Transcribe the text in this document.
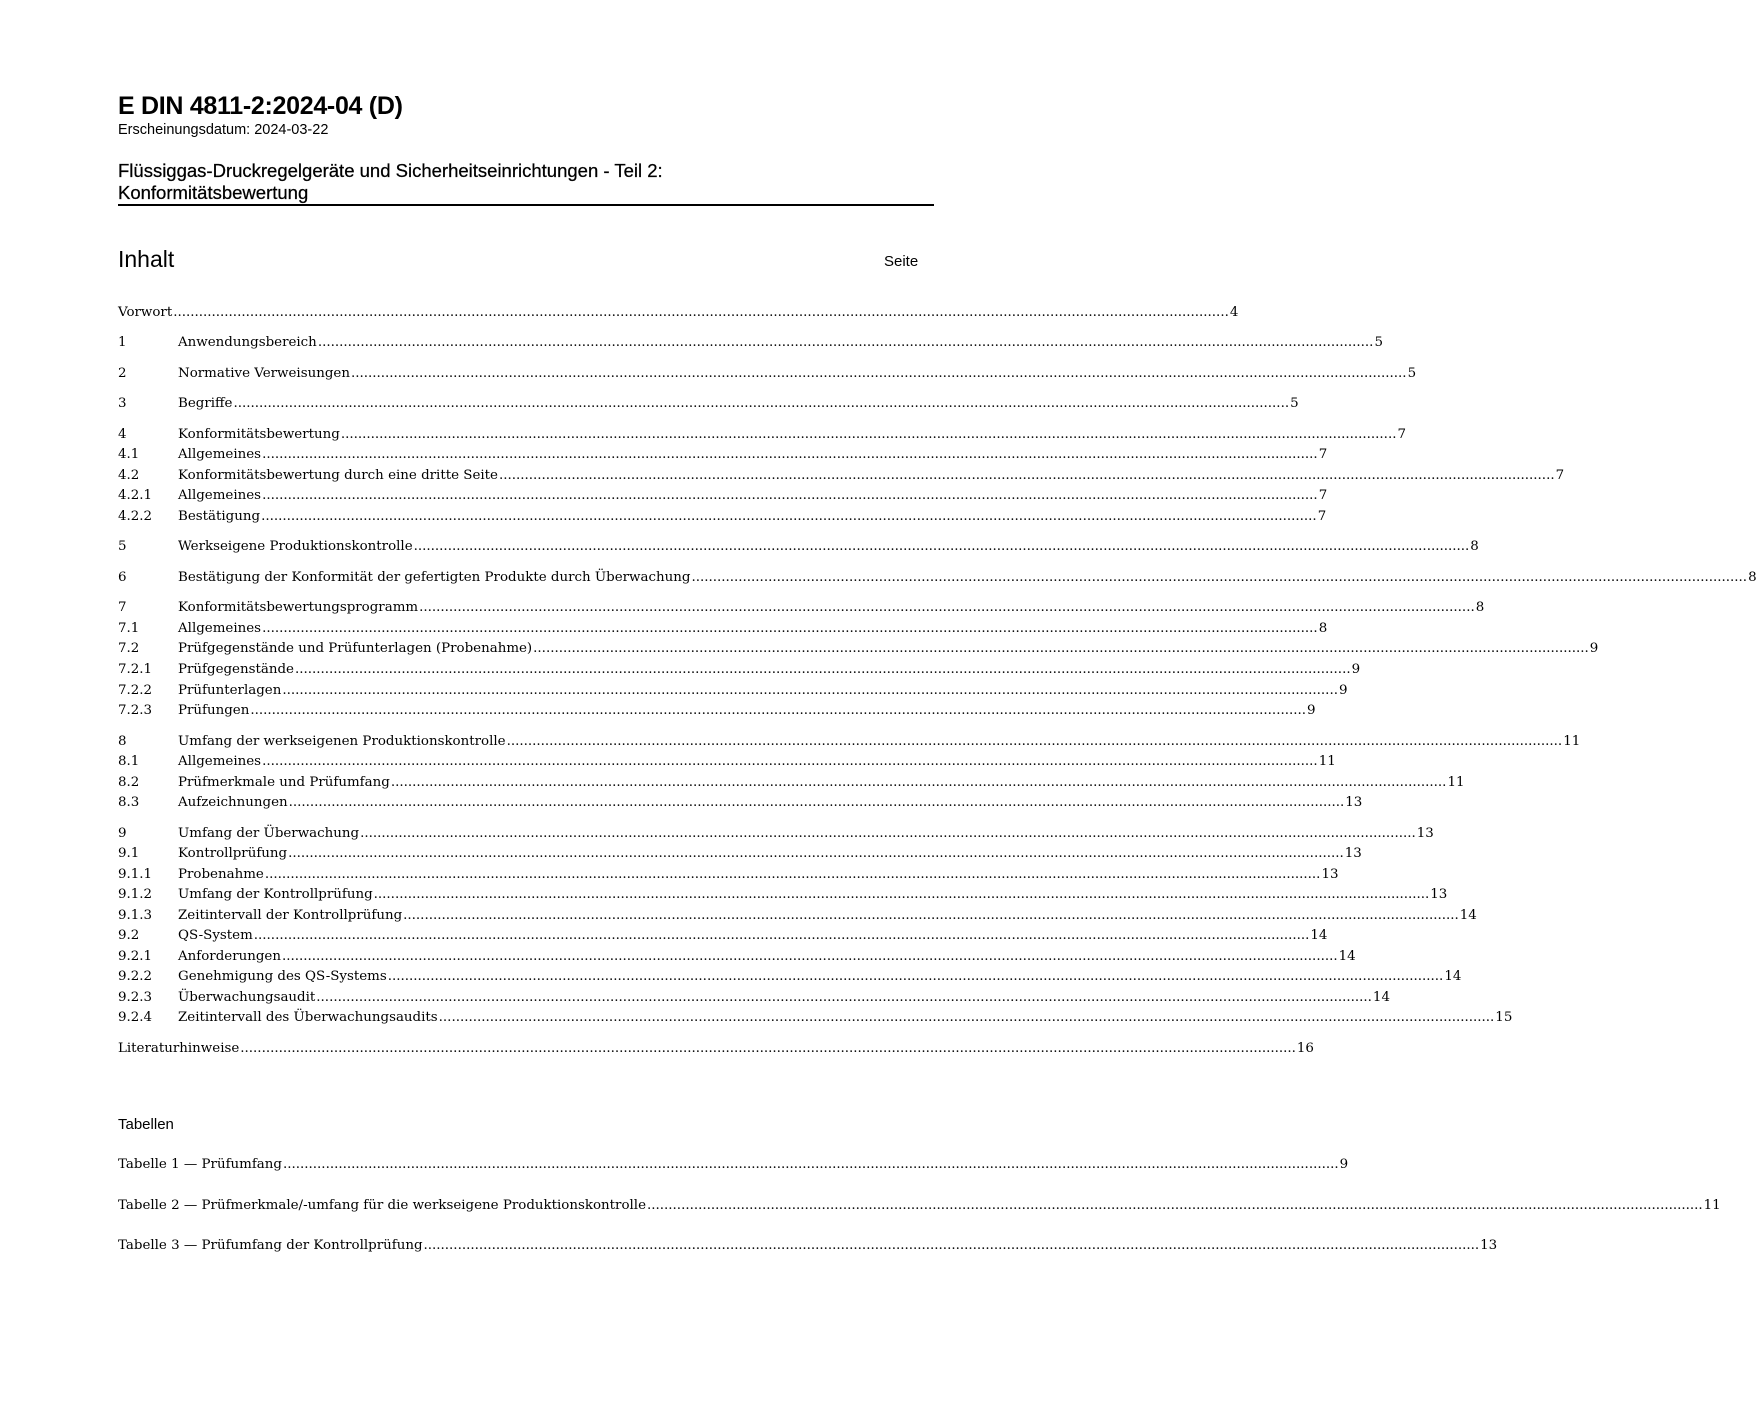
E DIN 4811-2:2024-04 (D)
Erscheinungsdatum: 2024-03-22
Flüssiggas-Druckregelgeräte und Sicherheitseinrichtungen - Teil 2:
Konformitätsbewertung
Inhalt	Seite
Vorwort .....	4
1	Anwendungsbereich .....	5
2	Normative Verweisungen .....	5
3	Begriffe .....	5
4	Konformitätsbewertung .....	7
4.1	Allgemeines .....	7
4.2	Konformitätsbewertung durch eine dritte Seite .....	7
4.2.1	Allgemeines .....	7
4.2.2	Bestätigung .....	7
5	Werkseigene Produktionskontrolle .....	8
6	Bestätigung der Konformität der gefertigten Produkte durch Überwachung .....	8
7	Konformitätsbewertungsprogramm .....	8
7.1	Allgemeines .....	8
7.2	Prüfgegenstände und Prüfunterlagen (Probenahme) .....	9
7.2.1	Prüfgegenstände .....	9
7.2.2	Prüfunterlagen .....	9
7.2.3	Prüfungen .....	9
8	Umfang der werkseigenen Produktionskontrolle .....	11
8.1	Allgemeines .....	11
8.2	Prüfmerkmale und Prüfumfang .....	11
8.3	Aufzeichnungen .....	13
9	Umfang der Überwachung .....	13
9.1	Kontrollprüfung .....	13
9.1.1	Probenahme .....	13
9.1.2	Umfang der Kontrollprüfung .....	13
9.1.3	Zeitintervall der Kontrollprüfung .....	14
9.2	QS-System .....	14
9.2.1	Anforderungen .....	14
9.2.2	Genehmigung des QS-Systems .....	14
9.2.3	Überwachungsaudit .....	14
9.2.4	Zeitintervall des Überwachungsaudits .....	15
Literaturhinweise .....	16
Tabellen
Tabelle 1 — Prüfumfang .....	9
Tabelle 2 — Prüfmerkmale/-umfang für die werkseigene Produktionskontrolle .....	11
Tabelle 3 — Prüfumfang der Kontrollprüfung .....	13
